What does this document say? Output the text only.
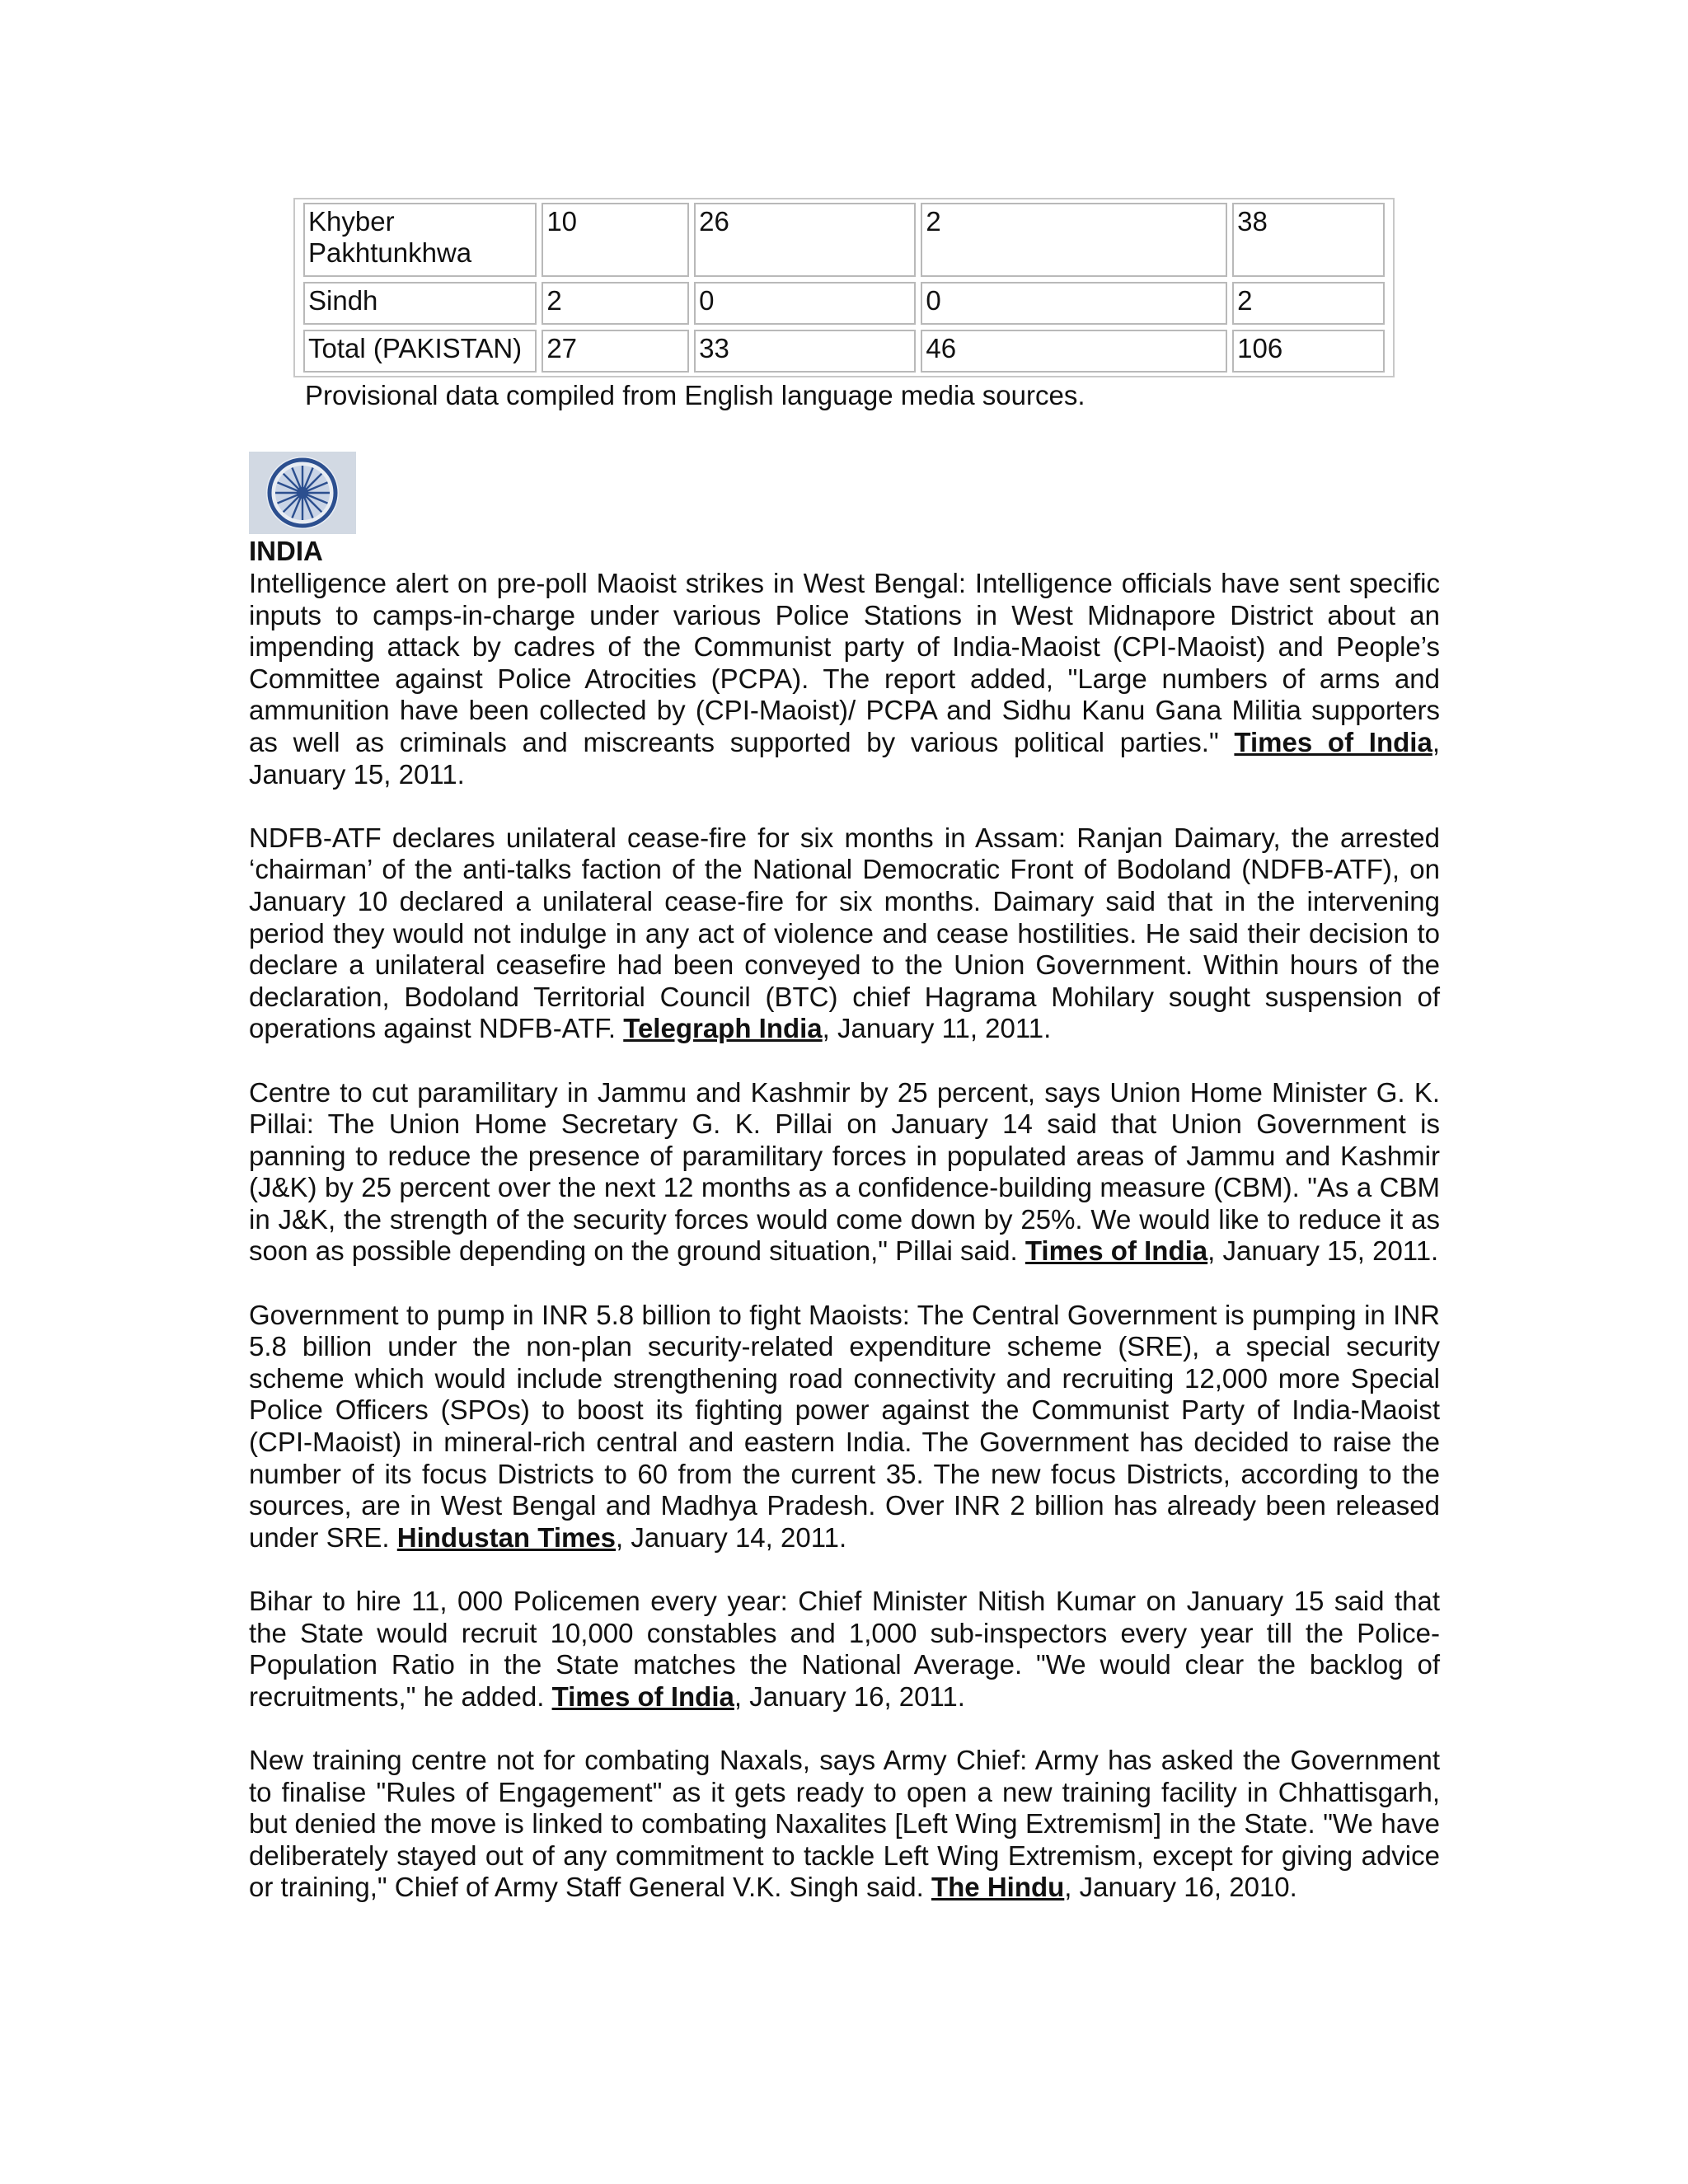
Khyber Pakhtunkhwa	10	26	2	38
Sindh	2	0	0	2
Total (PAKISTAN)	27	33	46	106
Provisional data compiled from English language media sources.
INDIA

Intelligence alert on pre-poll Maoist strikes in West Bengal: Intelligence officials have sent specific inputs to camps-in-charge under various Police Stations in West Midnapore District about an impending attack by cadres of the Communist party of India-Maoist (CPI-Maoist) and People’s Committee against Police Atrocities (PCPA). The report added, "Large numbers of arms and ammunition have been collected by (CPI-Maoist)/ PCPA and Sidhu Kanu Gana Militia supporters as well as criminals and miscreants supported by various political parties." Times of India, January 15, 2011.

NDFB-ATF declares unilateral cease-fire for six months in Assam: Ranjan Daimary, the arrested ‘chairman’ of the anti-talks faction of the National Democratic Front of Bodoland (NDFB-ATF), on January 10 declared a unilateral cease-fire for six months. Daimary said that in the intervening period they would not indulge in any act of violence and cease hostilities. He said their decision to declare a unilateral ceasefire had been conveyed to the Union Government. Within hours of the declaration, Bodoland Territorial Council (BTC) chief Hagrama Mohilary sought suspension of operations against NDFB-ATF. Telegraph India, January 11, 2011.

Centre to cut paramilitary in Jammu and Kashmir by 25 percent, says Union Home Minister G. K. Pillai: The Union Home Secretary G. K. Pillai on January 14 said that Union Government is panning to reduce the presence of paramilitary forces in populated areas of Jammu and Kashmir (J&K) by 25 percent over the next 12 months as a confidence-building measure (CBM). "As a CBM in J&K, the strength of the security forces would come down by 25%. We would like to reduce it as soon as possible depending on the ground situation," Pillai said. Times of India, January 15, 2011.

Government to pump in INR 5.8 billion to fight Maoists: The Central Government is pumping in INR 5.8 billion under the non-plan security-related expenditure scheme (SRE), a special security scheme which would include strengthening road connectivity and recruiting 12,000 more Special Police Officers (SPOs) to boost its fighting power against the Communist Party of India-Maoist (CPI-Maoist) in mineral-rich central and eastern India. The Government has decided to raise the number of its focus Districts to 60 from the current 35. The new focus Districts, according to the sources, are in West Bengal and Madhya Pradesh. Over INR 2 billion has already been released under SRE. Hindustan Times, January 14, 2011.

Bihar to hire 11, 000 Policemen every year: Chief Minister Nitish Kumar on January 15 said that the State would recruit 10,000 constables and 1,000 sub-inspectors every year till the Police-Population Ratio in the State matches the National Average. "We would clear the backlog of recruitments," he added. Times of India, January 16, 2011.

New training centre not for combating Naxals, says Army Chief: Army has asked the Government to finalise "Rules of Engagement" as it gets ready to open a new training facility in Chhattisgarh, but denied the move is linked to combating Naxalites [Left Wing Extremism] in the State. "We have deliberately stayed out of any commitment to tackle Left Wing Extremism, except for giving advice or training," Chief of Army Staff General V.K. Singh said. The Hindu, January 16, 2010.
